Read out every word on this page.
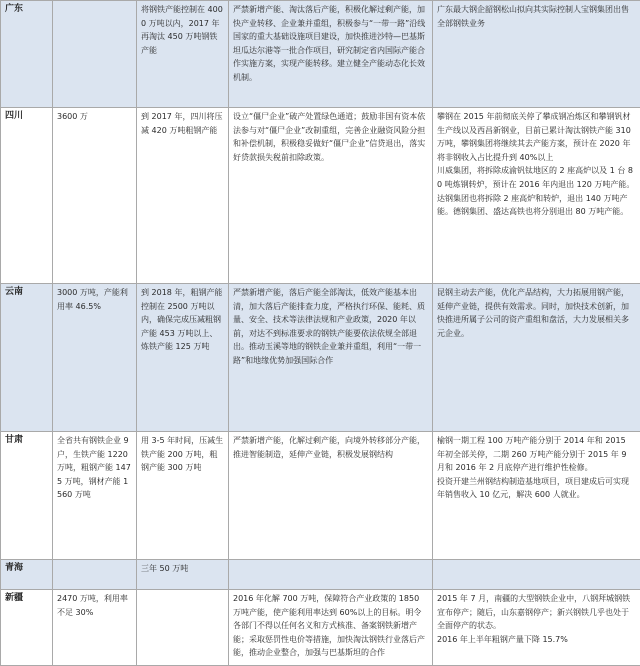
广东		将钢铁产能控制在 4000 万吨以内，2017 年再淘汰 450 万吨钢铁产能	严禁新增产能、淘汰落后产能，积极化解过剩产能，加快产业转移、企业兼并重组，积极参与“一带一路”沿线国家的重大基础设施项目建设，加快推进沙特—巴基斯坦瓜达尔港等一批合作项目，研究制定省内国际产能合作实施方案，实现产能转移。建立健全产能动态化长效机制。	广东最大钢企韶钢松山拟向其实际控制人宝钢集团出售全部钢铁业务

四川	3600 万	到 2017 年，四川将压减 420 万吨粗钢产能	设立“僵尸企业”破产处置绿色通道；鼓励非国有资本依法参与对“僵尸企业”改制重组，完善企业融资风险分担和补偿机制，积极稳妥做好“僵尸企业”信贷退出，落实好贷款损失税前扣除政策。	攀钢在 2015 年前彻底关停了攀成钢冶炼区和攀钢钒材生产线以及西昌新钢业，目前已累计淘汰钢铁产能 310 万吨，攀钢集团将继续其去产能方案，预计在 2020 年将非钢收入占比提升到 40%以上
川威集团，将拆除成渝钒钛地区的 2 座高炉以及 1 台 80 吨炼钢转炉，预计在 2016 年内退出 120 万吨产能。达钢集团也将拆除 2 座高炉和转炉，退出 140 万吨产能。德钢集团、盛达高铁也将分别退出 80 万吨产能。

云南	3000 万吨，产能利用率 46.5%	到 2018 年，粗钢产能控制在 2500 万吨以内，确保完成压减粗钢产能 453 万吨以上、炼铁产能 125 万吨	严禁新增产能，落后产能全部淘汰，低效产能基本出清，加大落后产能排查力度，严格执行环保、能耗、质量、安全、技术等法律法规和产业政策，2020 年以前，对达不到标准要求的钢铁产能要依法依规全部退出。推动玉溪等地的钢铁企业兼并重组，利用“一带一路”和地缘优势加强国际合作	昆钢主动去产能，优化产品结构，大力拓展用钢产能，延伸产业链，提供有效需求。同时，加快技术创新，加快推进所属子公司的资产重组和盘活，大力发展相关多元企业。

甘肃	全省共有钢铁企业 9 户，生铁产能 1220 万吨，粗钢产能 1475 万吨，钢材产能 1560 万吨	用 3-5 年时间，压减生铁产能 200 万吨，粗钢产能 300 万吨	严禁新增产能，化解过剩产能，向境外转移部分产能，推进智能制造，延伸产业链，积极发展钢结构	榆钢一期工程 100 万吨产能分别于 2014 年和 2015 年初全部关停，二期 260 万吨产能分别于 2015 年 9 月和 2016 年 2 月底停产进行维护性检修。
投资开建兰州钢结构制造基地项目，项目建成后可实现年销售收入 10 亿元，解决 600 人就业。

青海		三年 50 万吨		
新疆	2470 万吨，利用率不足 30%		2016 年化解 700 万吨，保障符合产业政策的 1850 万吨产能，使产能利用率达到 60%以上的目标。明令各部门不得以任何名义和方式核准、备案钢铁新增产能；采取惩罚性电价等措施，加快淘汰钢铁行业落后产能，推动企业整合，加强与巴基斯坦的合作	2015 年 7 月，南疆的大型钢铁企业中，八钢拜城钢铁宣布停产；随后，山东嘉钢停产；新兴钢铁几乎也处于全面停产的状态。
2016 年上半年粗钢产量下降 15.7%
